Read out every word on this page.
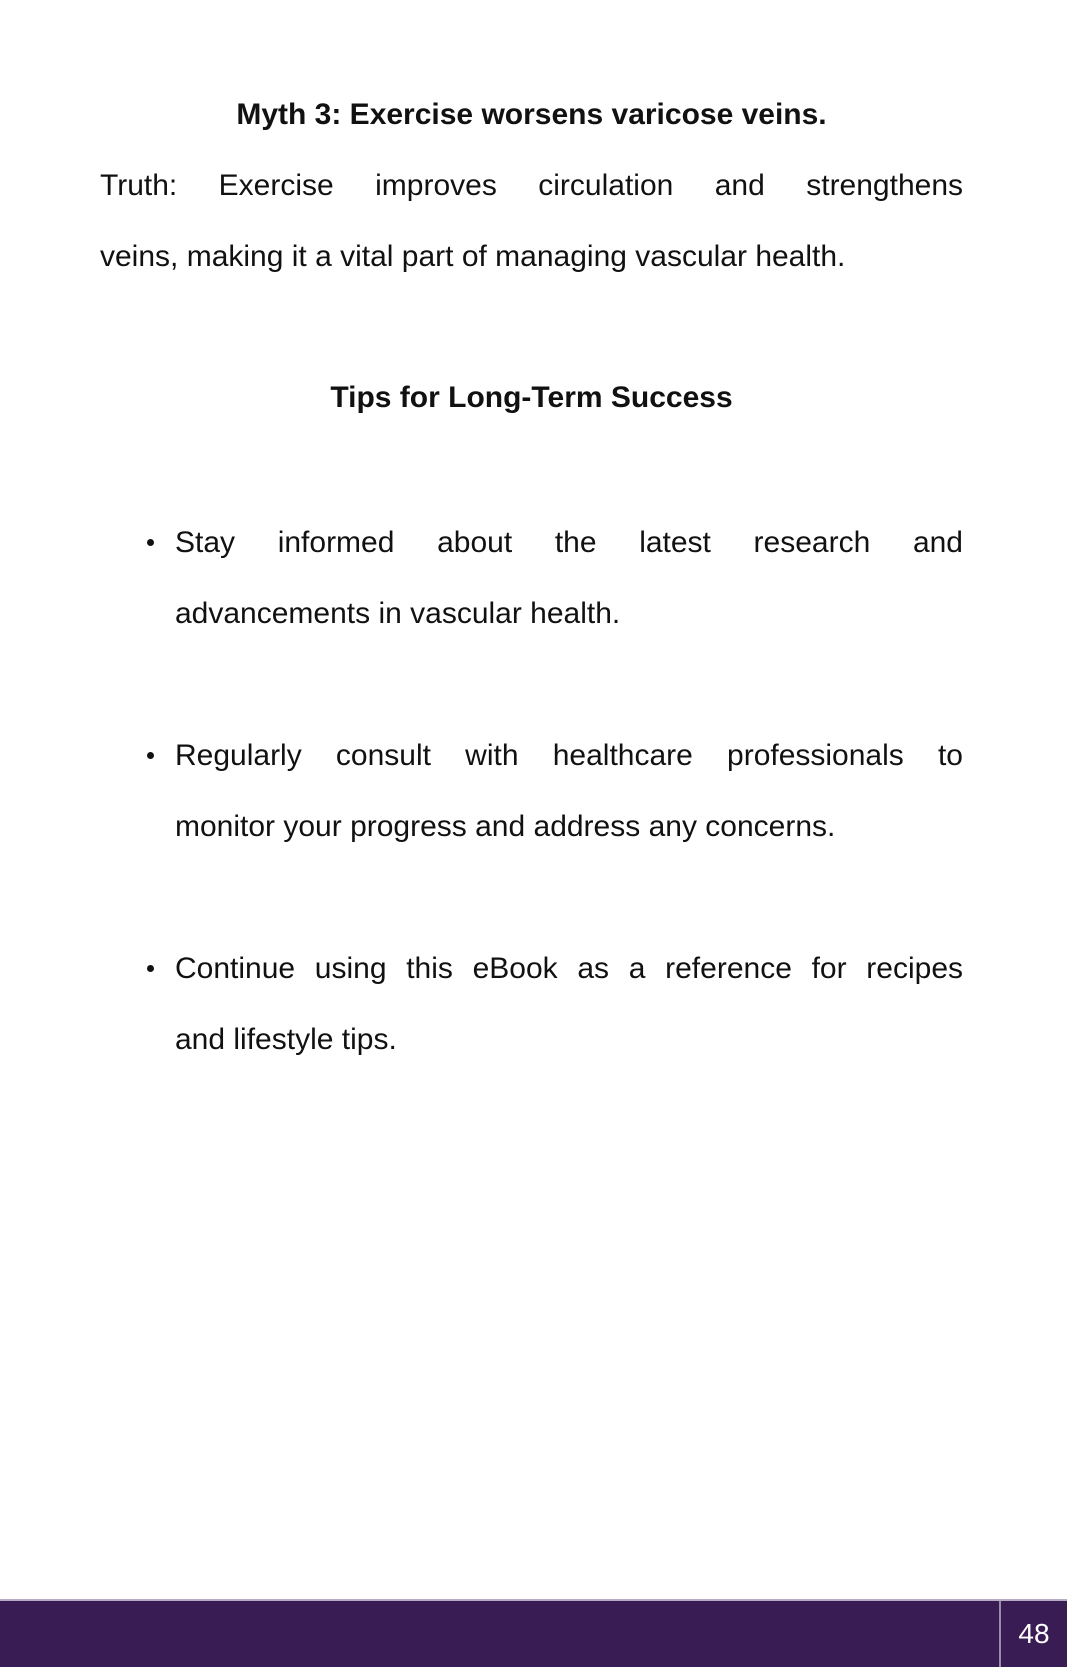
Myth 3: Exercise worsens varicose veins.

Truth: Exercise improves circulation and strengthens
veins, making it a vital part of managing vascular health.

Tips for Long-Term Success
Stay informed about the latest research and
advancements in vascular health.
Regularly consult with healthcare professionals to
monitor your progress and address any concerns.
Continue using this eBook as a reference for recipes
and lifestyle tips.
48
